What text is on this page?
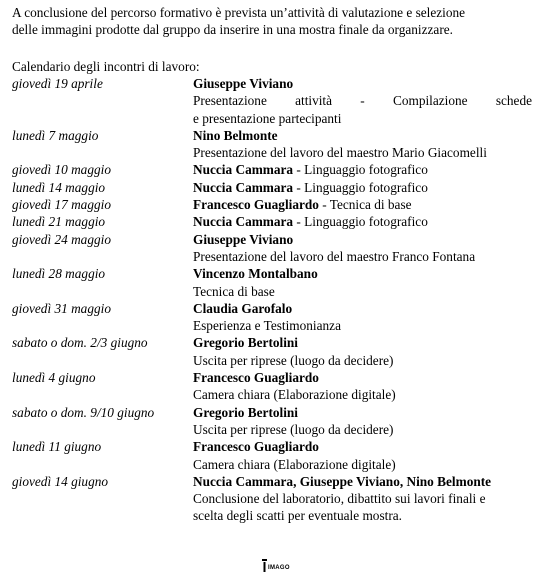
A conclusione del percorso formativo è prevista un’attività di valutazione e selezione

delle immagini prodotte dal gruppo da inserire in una mostra finale da organizzare.

Calendario degli incontri di lavoro:
giovedì 19 aprile	Giuseppe Viviano
Presentazione attività - Compilazione schede
e presentazione partecipanti
lunedì 7 maggio	Nino Belmonte
Presentazione del lavoro del maestro Mario Giacomelli
giovedì 10 maggio	Nuccia Cammara - Linguaggio fotografico
lunedì 14 maggio	Nuccia Cammara - Linguaggio fotografico
giovedì 17 maggio	Francesco Guagliardo - Tecnica di base
lunedì 21 maggio	Nuccia Cammara - Linguaggio fotografico
giovedì 24 maggio	Giuseppe Viviano
Presentazione del lavoro del maestro Franco Fontana
lunedì 28 maggio	Vincenzo Montalbano
Tecnica di base
giovedì 31 maggio	Claudia Garofalo
Esperienza e Testimonianza
sabato o dom. 2/3 giugno	Gregorio Bertolini
Uscita per riprese (luogo da decidere)
lunedì 4 giugno	Francesco Guagliardo
Camera chiara (Elaborazione digitale)
sabato o dom. 9/10 giugno	Gregorio Bertolini
Uscita per riprese (luogo da decidere)
lunedì 11 giugno	Francesco Guagliardo
Camera chiara (Elaborazione digitale)
giovedì 14 giugno	Nuccia Cammara, Giuseppe Viviano, Nino Belmonte
Conclusione del laboratorio, dibattito sui lavori finali e
scelta degli scatti per eventuale mostra.
IMAGO
